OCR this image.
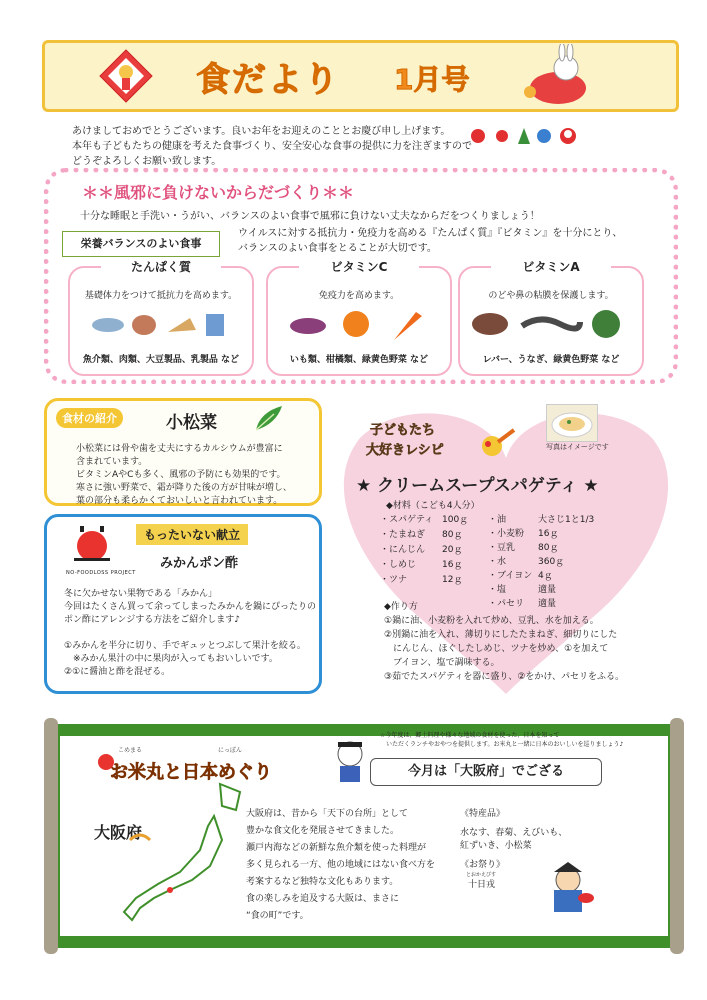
食だより 1月号
あけましておめでとうございます。良いお年をお迎えのこととお慶び申し上げます。
本年も子どもたちの健康を考えた食事づくり、安全安心な食事の提供に力を注ぎますので
どうぞよろしくお願い致します。
＊＊風邪に負けないからだづくり＊＊
十分な睡眠と手洗い・うがい、バランスのよい食事で風邪に負けない丈夫なからだをつくりましょう！
栄養バランスのよい食事
ウイルスに対する抵抗力・免疫力を高める『たんぱく質』『ビタミン』を十分にとり、
バランスのよい食事をとることが大切です。
たんぱく質
基礎体力をつけて抵抗力を高めます。
魚介類、肉類、大豆製品、乳製品 など
ビタミンC
免疫力を高めます。
いも類、柑橘類、緑黄色野菜 など
ビタミンA
のどや鼻の粘膜を保護します。
レバー、うなぎ、緑黄色野菜 など
食材の紹介	小松菜
小松菜には骨や歯を丈夫にするカルシウムが豊富に
含まれています。
ビタミンAやCも多く、風邪の予防にも効果的です。
寒さに強い野菜で、霜が降りた後の方が甘味が増し、
葉の部分も柔らかくておいしいと言われています。
NO-FOODLOSS PROJECT
もったいない献立
みかんポン酢
冬に欠かせない果物である「みかん」
今回はたくさん買って余ってしまったみかんを鍋にぴったりの
ポン酢にアレンジする方法をご紹介します♪

①みかんを半分に切り、手でギュッとつぶして果汁を絞る。
　※みかん果汁の中に果肉が入ってもおいしいです。
②①に醤油と酢を混ぜる。
子どもたち
大好きレシピ	写真はイメージです
★ クリームスープスパゲティ ★
◆材料（こども4人分）
・スパゲティ 100ｇ
・たまねぎ 80ｇ
・にんじん 20ｇ
・しめじ	16ｇ
・ツナ	12ｇ
・油	大さじ1と1/3
・小麦粉 16ｇ
・豆乳	80ｇ
・水	360ｇ
・ブイヨン 4ｇ
・塩	適量
・パセリ 適量
◆作り方
①鍋に油、小麦粉を入れて炒め、豆乳、水を加える。
②別鍋に油を入れ、薄切りにしたたまねぎ、細切りにした
　にんじん、ほぐしたしめじ、ツナを炒め、①を加えて
　ブイヨン、塩で調味する。
③茹でたスパゲティを器に盛り、②をかけ、パセリをふる。
☆今年度は、郷土料理や様々な地域の食材を使った、日本を知って
　いただくランチやおやつを提供します。お米丸と一緒に日本のおいしいを巡りましょう♪
こめまる	にっぽん
お米丸と日本めぐり	今月は「大阪府」でござる
大阪府
大阪府は、昔から「天下の台所」として
豊かな食文化を発展させてきました。
瀬戸内海などの新鮮な魚介類を使った料理が
多く見られる一方、他の地域にはない食べ方を
考案するなど独特な文化もあります。
食の楽しみを追及する大阪は、まさに
“食の町”です。
《特産品》
水なす、春菊、えびいも、
紅ずいき、小松菜
《お祭り》
とおかえびす
十日戎
